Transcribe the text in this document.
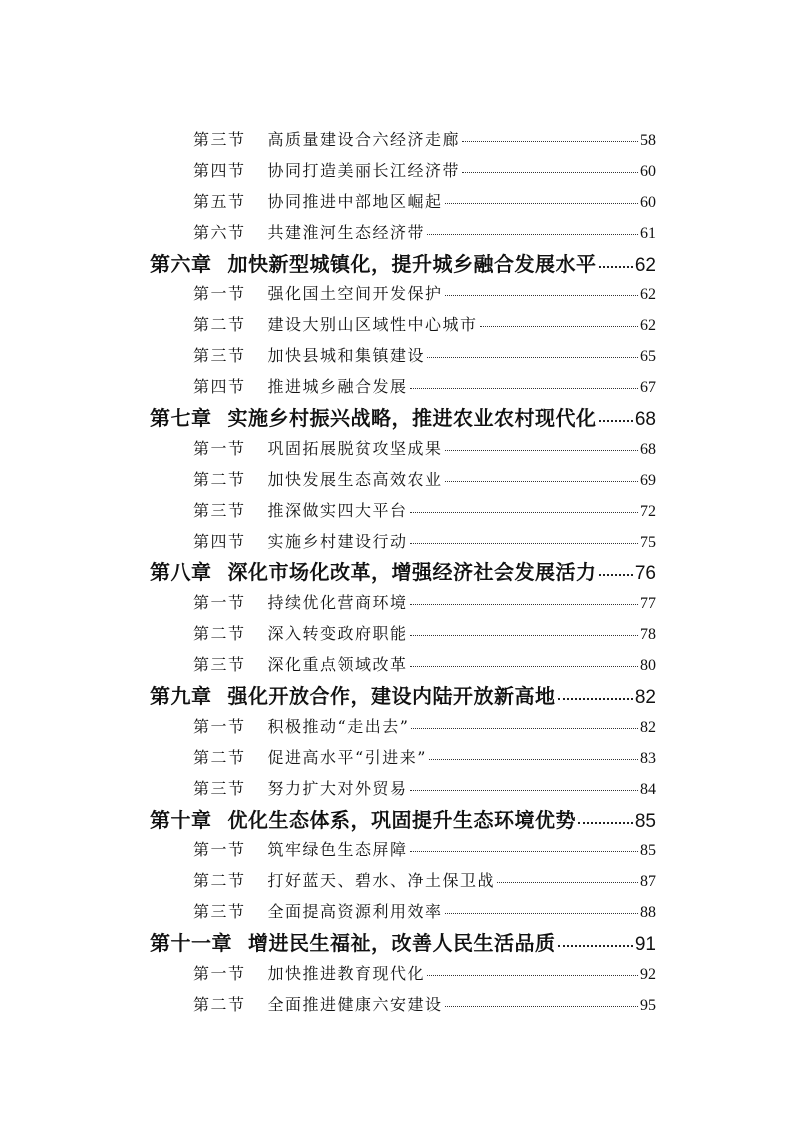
第三节 高质量建设合六经济走廊	58
第四节 协同打造美丽长江经济带	60
第五节 协同推进中部地区崛起	60
第六节 共建淮河生态经济带	61
第六章 加快新型城镇化，提升城乡融合发展水平 62
第一节 强化国土空间开发保护	62
第二节 建设大别山区域性中心城市	62
第三节 加快县城和集镇建设	65
第四节 推进城乡融合发展	67
第七章 实施乡村振兴战略，推进农业农村现代化 68
第一节 巩固拓展脱贫攻坚成果	68
第二节 加快发展生态高效农业	69
第三节 推深做实四大平台	72
第四节 实施乡村建设行动	75
第八章 深化市场化改革，增强经济社会发展活力 76
第一节 持续优化营商环境	77
第二节 深入转变政府职能	78
第三节 深化重点领域改革	80
第九章 强化开放合作，建设内陆开放新高地	82
第一节 积极推动“走出去”	82
第二节 促进高水平“引进来”	83
第三节 努力扩大对外贸易	84
第十章 优化生态体系，巩固提升生态环境优势	85
第一节 筑牢绿色生态屏障	85
第二节 打好蓝天、碧水、净土保卫战	87
第三节 全面提高资源利用效率	88
第十一章 增进民生福祉，改善人民生活品质	91
第一节 加快推进教育现代化	92
第二节 全面推进健康六安建设	95
